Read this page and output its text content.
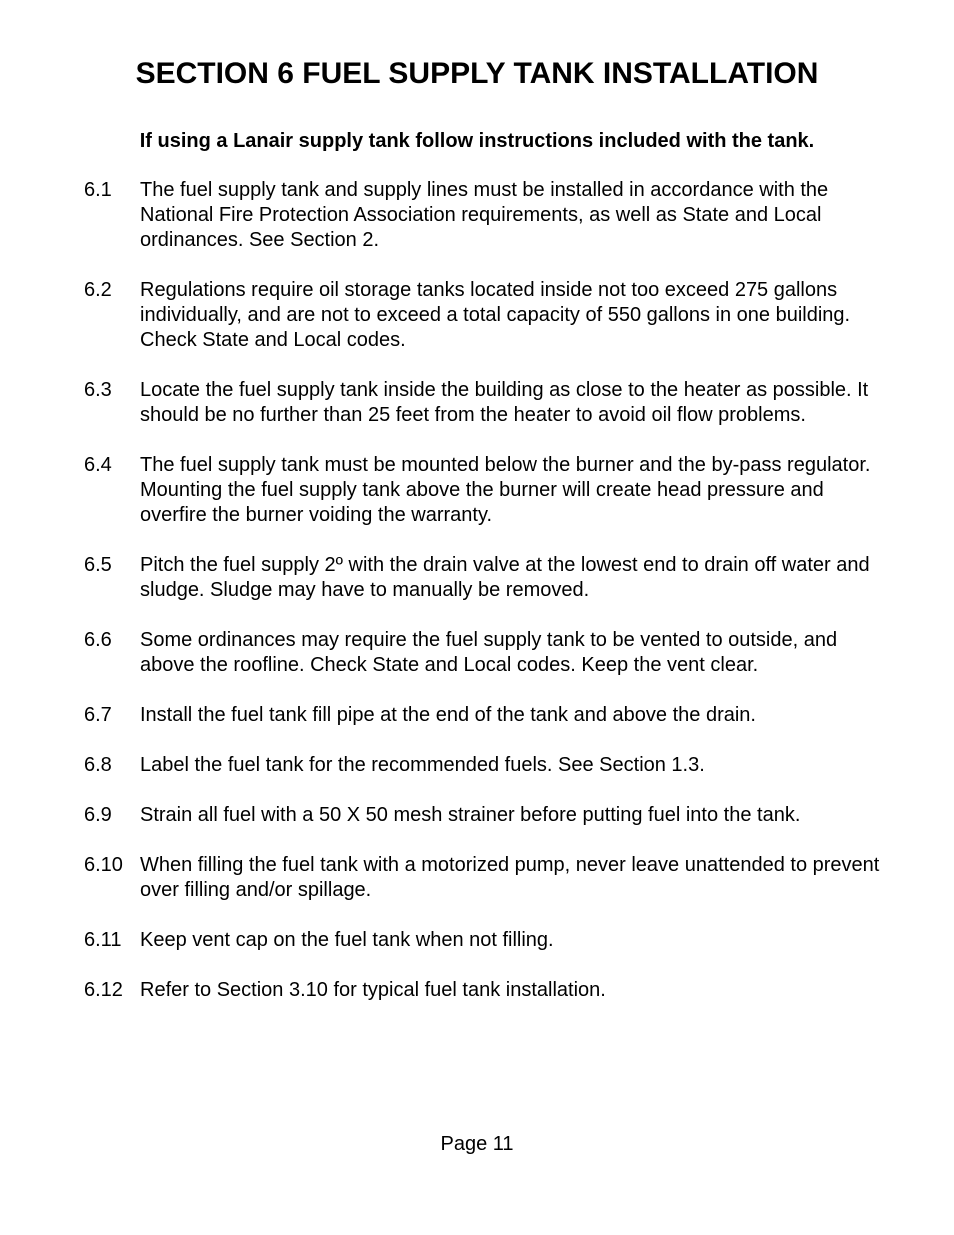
SECTION 6 FUEL SUPPLY TANK INSTALLATION

If using a Lanair supply tank follow instructions included with the tank.

6.1 The fuel supply tank and supply lines must be installed in accordance with the National Fire Protection Association requirements, as well as State and Local ordinances. See Section 2.
6.2 Regulations require oil storage tanks located inside not too exceed 275 gallons individually, and are not to exceed a total capacity of 550 gallons in one building. Check State and Local codes.
6.3 Locate the fuel supply tank inside the building as close to the heater as possible. It should be no further than 25 feet from the heater to avoid oil flow problems.
6.4 The fuel supply tank must be mounted below the burner and the by-pass regulator. Mounting the fuel supply tank above the burner will create head pressure and overfire the burner voiding the warranty.
6.5 Pitch the fuel supply 2º with the drain valve at the lowest end to drain off water and sludge. Sludge may have to manually be removed.
6.6 Some ordinances may require the fuel supply tank to be vented to outside, and above the roofline. Check State and Local codes. Keep the vent clear.
6.7 Install the fuel tank fill pipe at the end of the tank and above the drain.
6.8 Label the fuel tank for the recommended fuels. See Section 1.3.
6.9 Strain all fuel with a 50 X 50 mesh strainer before putting fuel into the tank.
6.10 When filling the fuel tank with a motorized pump, never leave unattended to prevent over filling and/or spillage.
6.11 Keep vent cap on the fuel tank when not filling.
6.12 Refer to Section 3.10 for typical fuel tank installation.

Page 11
